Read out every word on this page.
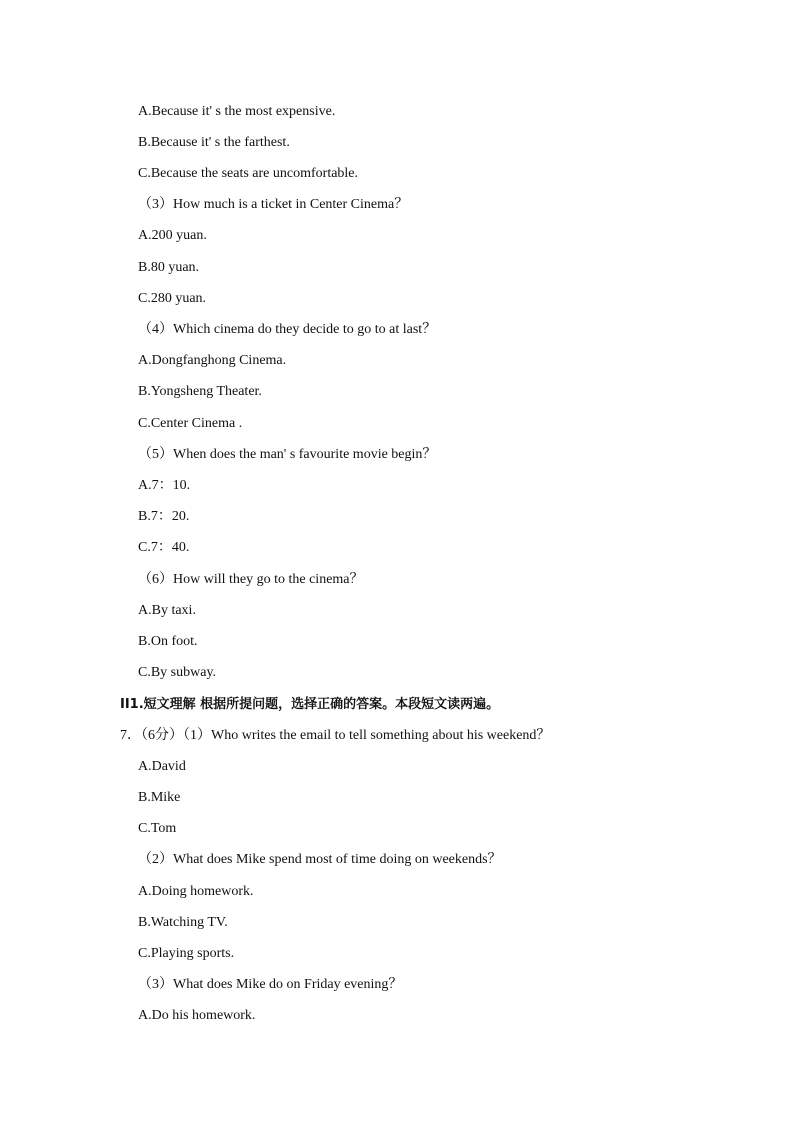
A.Because it' s the most expensive.
B.Because it' s the farthest.
C.Because the seats are uncomfortable.
（3）How much is a ticket in Center Cinema？
A.200 yuan.
B.80 yuan.
C.280 yuan.
（4）Which cinema do they decide to go to at last？
A.Dongfanghong Cinema.
B.Yongsheng Theater.
C.Center Cinema .
（5）When does the man' s favourite movie begin？
A.7：10.
B.7：20.
C.7：40.
（6）How will they go to the cinema？
A.By taxi.
B.On foot.
C.By subway.
II1.短文理解 根据所提问题，选择正确的答案。本段短文读两遍。
7．（6分）（1）Who writes the email to tell something about his weekend？
A.David
B.Mike
C.Tom
（2）What does Mike spend most of time doing on weekends？
A.Doing homework.
B.Watching TV.
C.Playing sports.
（3）What does Mike do on Friday evening？
A.Do his homework.
